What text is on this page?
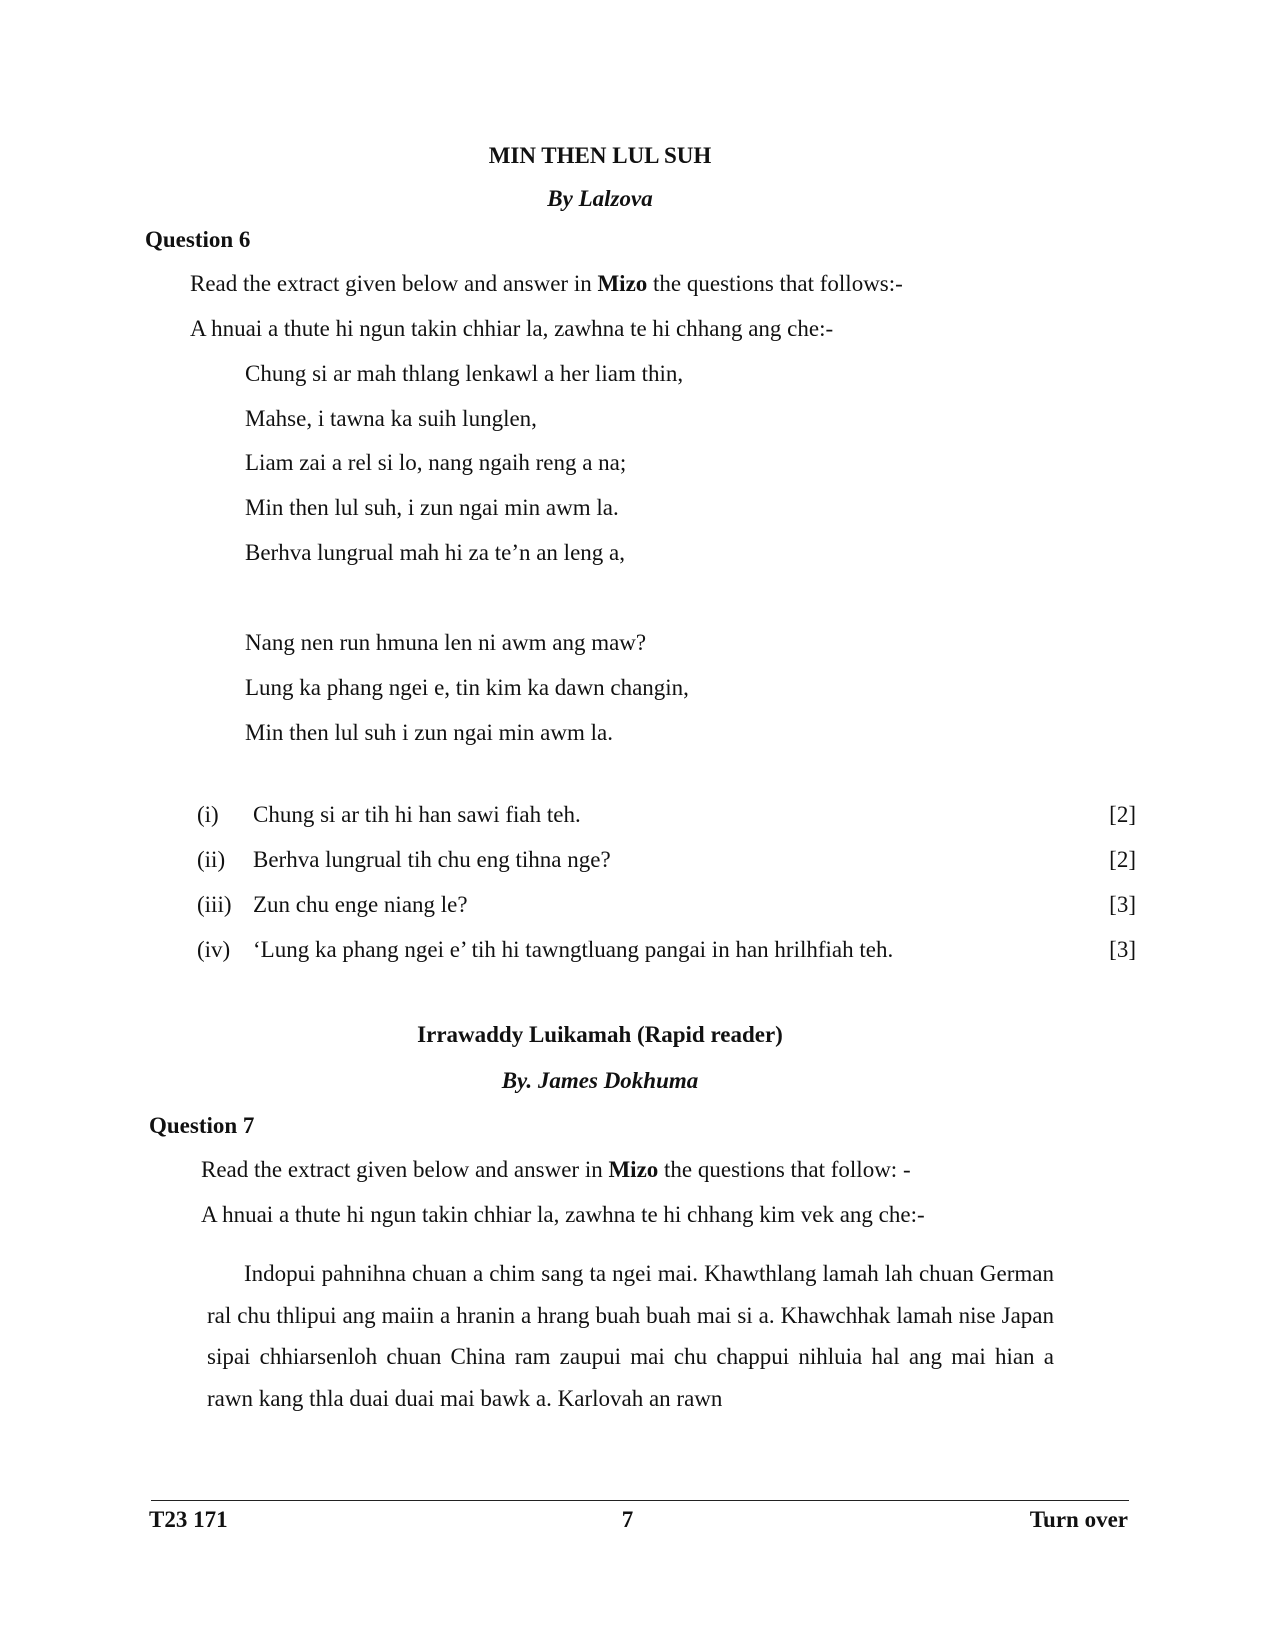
MIN THEN LUL SUH
By Lalzova
Question 6
Read the extract given below and answer in Mizo the questions that follows:-
A hnuai a thute hi ngun takin chhiar la, zawhna te hi chhang ang che:-
Chung si ar mah thlang lenkawl a her liam thin,
Mahse, i tawna ka suih lunglen,
Liam zai a rel si lo, nang ngaih reng a na;
Min then lul suh, i zun ngai min awm la.
Berhva lungrual mah hi za te’n an leng a,
Nang nen run hmuna len ni awm ang maw?
Lung ka phang ngei e, tin kim ka dawn changin,
Min then lul suh i zun ngai min awm la.
(i) Chung si ar tih hi han sawi fiah teh.	[2]
(ii) Berhva lungrual tih chu eng tihna nge?	[2]
(iii) Zun chu enge niang le?	[3]
(iv) ‘Lung ka phang ngei e’ tih hi tawngtluang pangai in han hrilhfiah teh.	[3]
Irrawaddy Luikamah (Rapid reader)
By. James Dokhuma
Question 7
Read the extract given below and answer in Mizo the questions that follow: -
A hnuai a thute hi ngun takin chhiar la, zawhna te hi chhang kim vek ang che:-
Indopui pahnihna chuan a chim sang ta ngei mai. Khawthlang lamah lah chuan German ral chu thlipui ang maiin a hranin a hrang buah buah mai si a. Khawchhak lamah nise Japan sipai chhiarsenloh chuan China ram zaupui mai chu chappui nihluia hal ang mai hian a rawn kang thla duai duai mai bawk a. Karlovah an rawn
T23 171	7	Turn over
